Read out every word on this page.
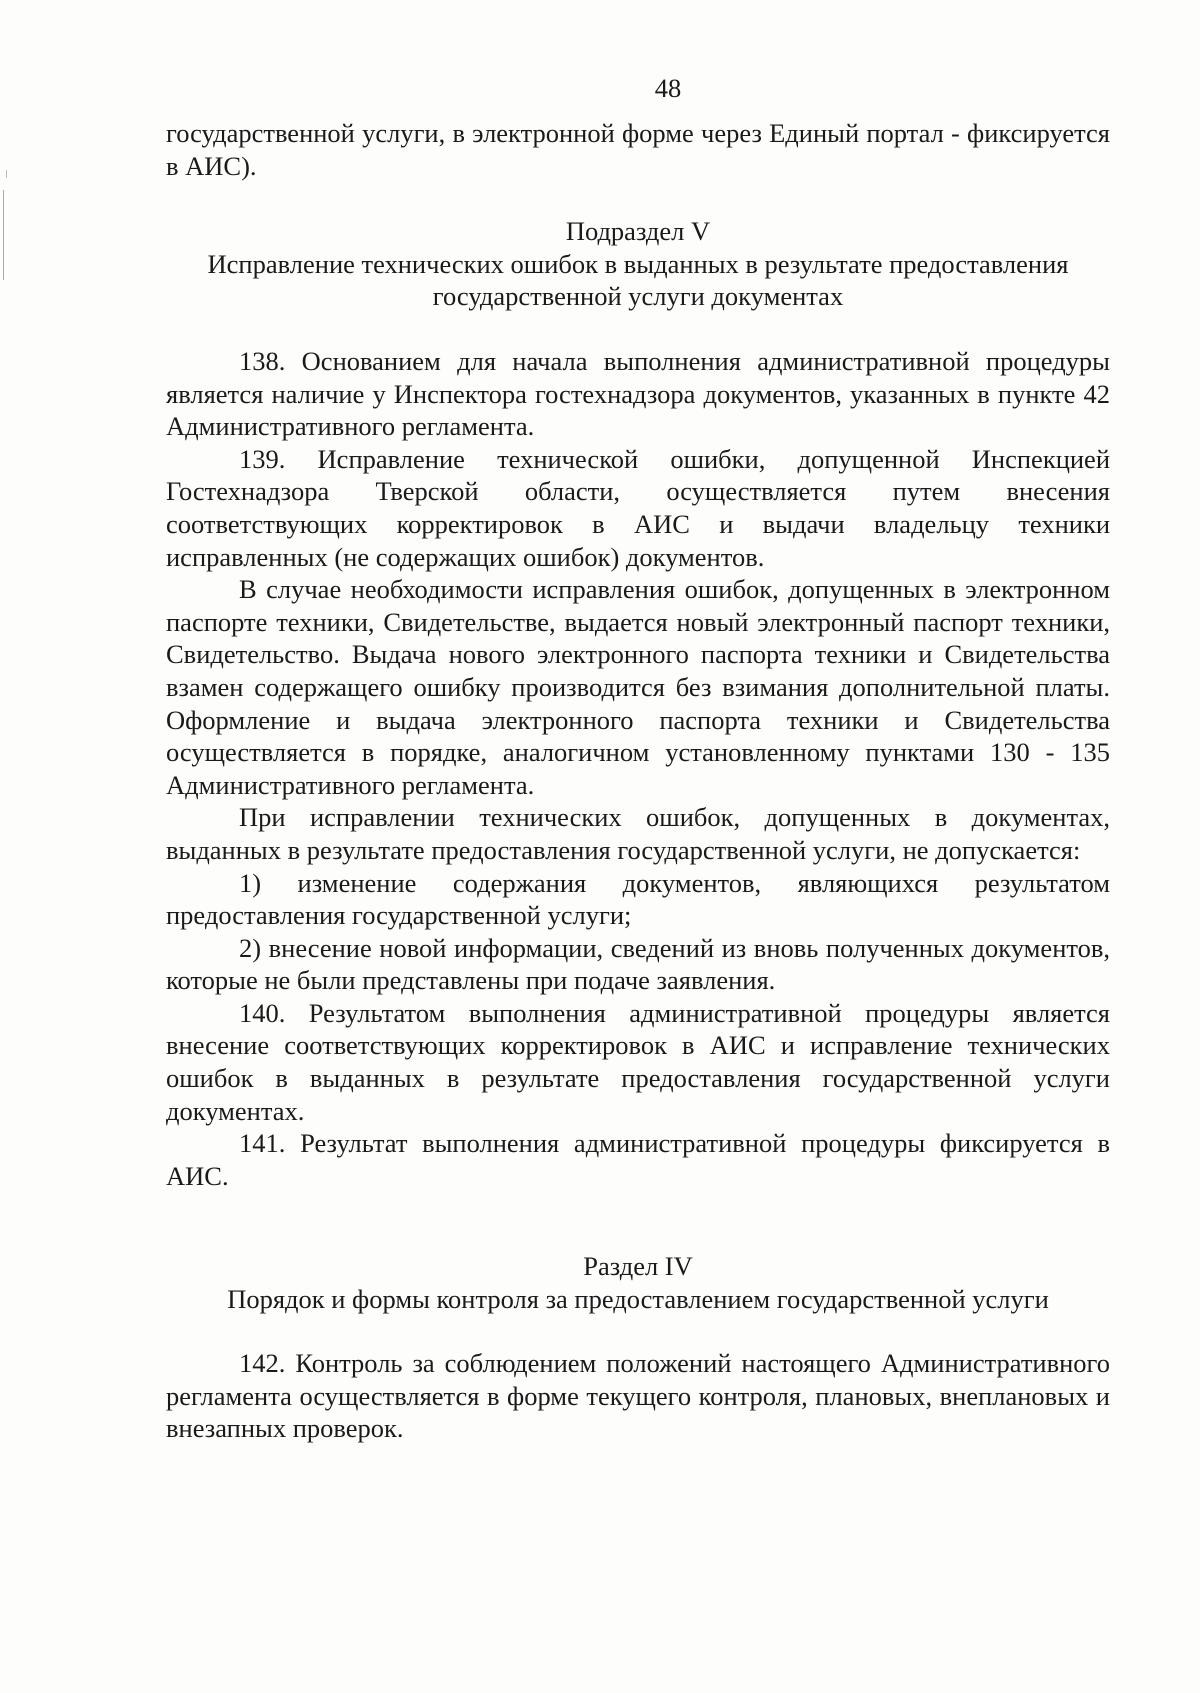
48

государственной услуги, в электронной форме через Единый портал - фиксируется в АИС).

Подраздел V
Исправление технических ошибок в выданных в результате предоставления
государственной услуги документах

138. Основанием для начала выполнения административной процедуры является наличие у Инспектора гостехнадзора документов, указанных в пункте 42 Административного регламента.

139. Исправление технической ошибки, допущенной Инспекцией Гостехнадзора Тверской области, осуществляется путем внесения соответствующих корректировок в АИС и выдачи владельцу техники исправленных (не содержащих ошибок) документов.

В случае необходимости исправления ошибок, допущенных в электронном паспорте техники, Свидетельстве, выдается новый электронный паспорт техники, Свидетельство. Выдача нового электронного паспорта техники и Свидетельства взамен содержащего ошибку производится без взимания дополнительной платы. Оформление и выдача электронного паспорта техники и Свидетельства осуществляется в порядке, аналогичном установленному пунктами 130 - 135 Административного регламента.

При исправлении технических ошибок, допущенных в документах, выданных в результате предоставления государственной услуги, не допускается:

1) изменение содержания документов, являющихся результатом предоставления государственной услуги;

2) внесение новой информации, сведений из вновь полученных документов, которые не были представлены при подаче заявления.

140. Результатом выполнения административной процедуры является внесение соответствующих корректировок в АИС и исправление технических ошибок в выданных в результате предоставления государственной услуги документах.

141. Результат выполнения административной процедуры фиксируется в АИС.

Раздел IV
Порядок и формы контроля за предоставлением государственной услуги

142. Контроль за соблюдением положений настоящего Административного регламента осуществляется в форме текущего контроля, плановых, внеплановых и внезапных проверок.
